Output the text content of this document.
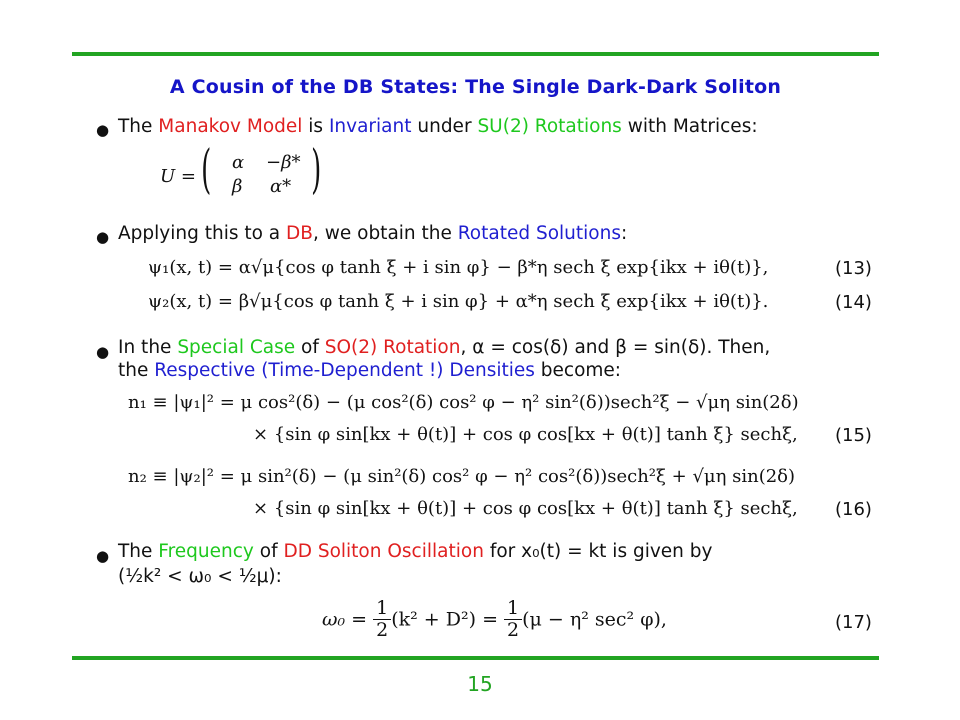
A Cousin of the DB States: The Single Dark-Dark Soliton
● The Manakov Model is Invariant under SU(2) Rotations with Matrices:
U = ( α −β*
β α* )
● Applying this to a DB, we obtain the Rotated Solutions:
ψ₁(x, t) = α√μ{cos φ tanh ξ + i sin φ} − β*η sech ξ exp{ikx + iθ(t)},	(13)
ψ₂(x, t) = β√μ{cos φ tanh ξ + i sin φ} + α*η sech ξ exp{ikx + iθ(t)}.	(14)
● In the Special Case of SO(2) Rotation, α = cos(δ) and β = sin(δ). Then,
the Respective (Time-Dependent !) Densities become:
n₁ ≡ |ψ₁|² = μ cos²(δ) − (μ cos²(δ) cos² φ − η² sin²(δ))sech²ξ − √μη sin(2δ)
× {sin φ sin[kx + θ(t)] + cos φ cos[kx + θ(t)] tanh ξ} sechξ, (15)
n₂ ≡ |ψ₂|² = μ sin²(δ) − (μ sin²(δ) cos² φ − η² cos²(δ))sech²ξ + √μη sin(2δ)
× {sin φ sin[kx + θ(t)] + cos φ cos[kx + θ(t)] tanh ξ} sechξ, (16)
● The Frequency of DD Soliton Oscillation for x₀(t) = kt is given by
(½k² < ω₀ < ½μ):
$\omega_0 = \frac{1}{2} (k^2 + D^2) = \frac{1}{2} (\mu - \eta^2$ sec² φ),	(17)
15
